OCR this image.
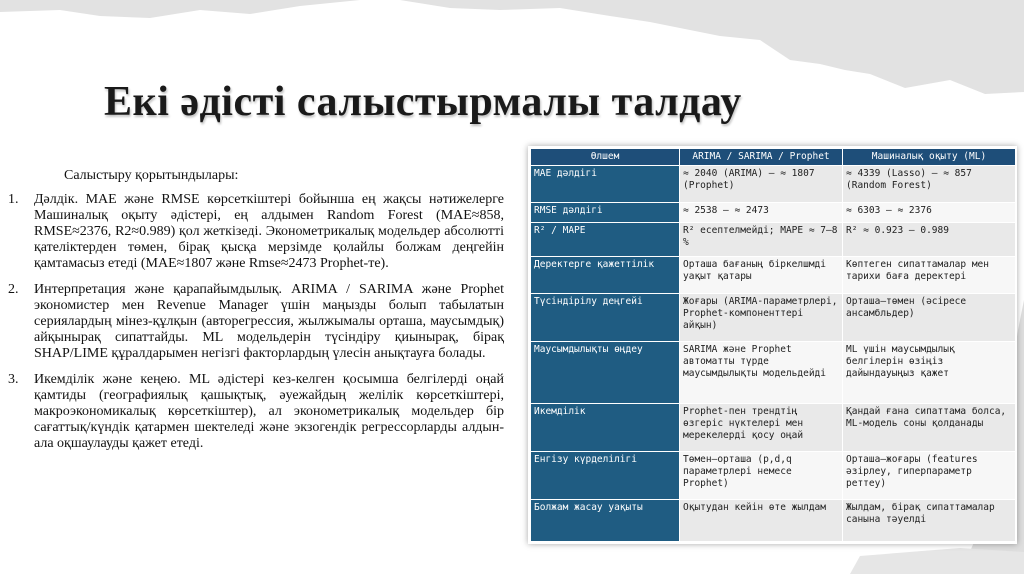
Екі әдісті салыстырмалы талдау

Салыстыру қорытындылары:

1.	Дәлдік. MAE және RMSE көрсеткіштері бойынша ең жақсы нәтижелерге Машиналық оқыту әдістері, ең алдымен Random Forest (MAE≈858, RMSE≈2376, R2≈0.989) қол жеткізеді. Эконометрикалық модельдер абсолютті қателіктерден төмен, бірақ қысқа мерзімде қолайлы болжам деңгейін қамтамасыз етеді (MAE≈1807 және Rmse≈2473 Prophet-те).
2.	Интерпретация және қарапайымдылық. ARIMA / SARIMA және Prophet экономистер мен Revenue Manager үшін маңызды болып табылатын сериялардың мінез-құлқын (авторегрессия, жылжымалы орташа, маусымдық) айқынырақ сипаттайды. ML модельдерін түсіндіру қиынырақ, бірақ SHAP/LIME құралдарымен негізгі факторлардың үлесін анықтауға болады.
3.	Икемділік және кеңею. ML әдістері кез-келген қосымша белгілерді оңай қамтиды (географиялық қашықтық, әуежайдың желілік көрсеткіштері, макроэкономикалық көрсеткіштер), ал эконометрикалық модельдер бір сағаттық/күндік қатармен шектеледі және экзогендік регрессорларды алдын-ала оқшаулауды қажет етеді.
Өлшем	ARIMA / SARIMA / Prophet	Машиналық оқыту (ML)
MAE дәлдігі	≈ 2040 (ARIMA) – ≈ 1807 (Prophet)	≈ 4339 (Lasso) – ≈ 857 (Random Forest)
RMSE дәлдігі	≈ 2538 – ≈ 2473	≈ 6303 – ≈ 2376
R² / MAPE	R² есептелмейді; MAPE ≈ 7–8 %	R² ≈ 0.923 – 0.989
Деректерге қажеттілік	Орташа бағаның біркелшмді уақыт қатары	Көптеген сипаттамалар мен тарихи баға деректері
Түсіндірілу деңгейі	Жоғары (ARIMA-параметрлері, Prophet-компоненттері айқын)	Орташа–төмен (әсіресе ансамбльдер)
Маусымдылықты өңдеу	SARIMA және Prophet автоматты түрде маусымдылықты модельдейді	ML үшін маусымдылық белгілерін өзіңіз дайындауыңыз қажет
Икемділік	Prophet-пен трендтің өзгеріс нүктелері мен мерекелерді қосу оңай	Қандай ғана сипаттама болса, ML-модель соны қолданады
Енгізу күрделілігі	Төмен–орташа (p,d,q параметрлері немесе Prophet)	Орташа–жоғары (features әзірлеу, гиперпараметр реттеу)
Болжам жасау уақыты	Оқытудан кейін өте жылдам	Жылдам, бірақ сипаттамалар санына тәуелді
